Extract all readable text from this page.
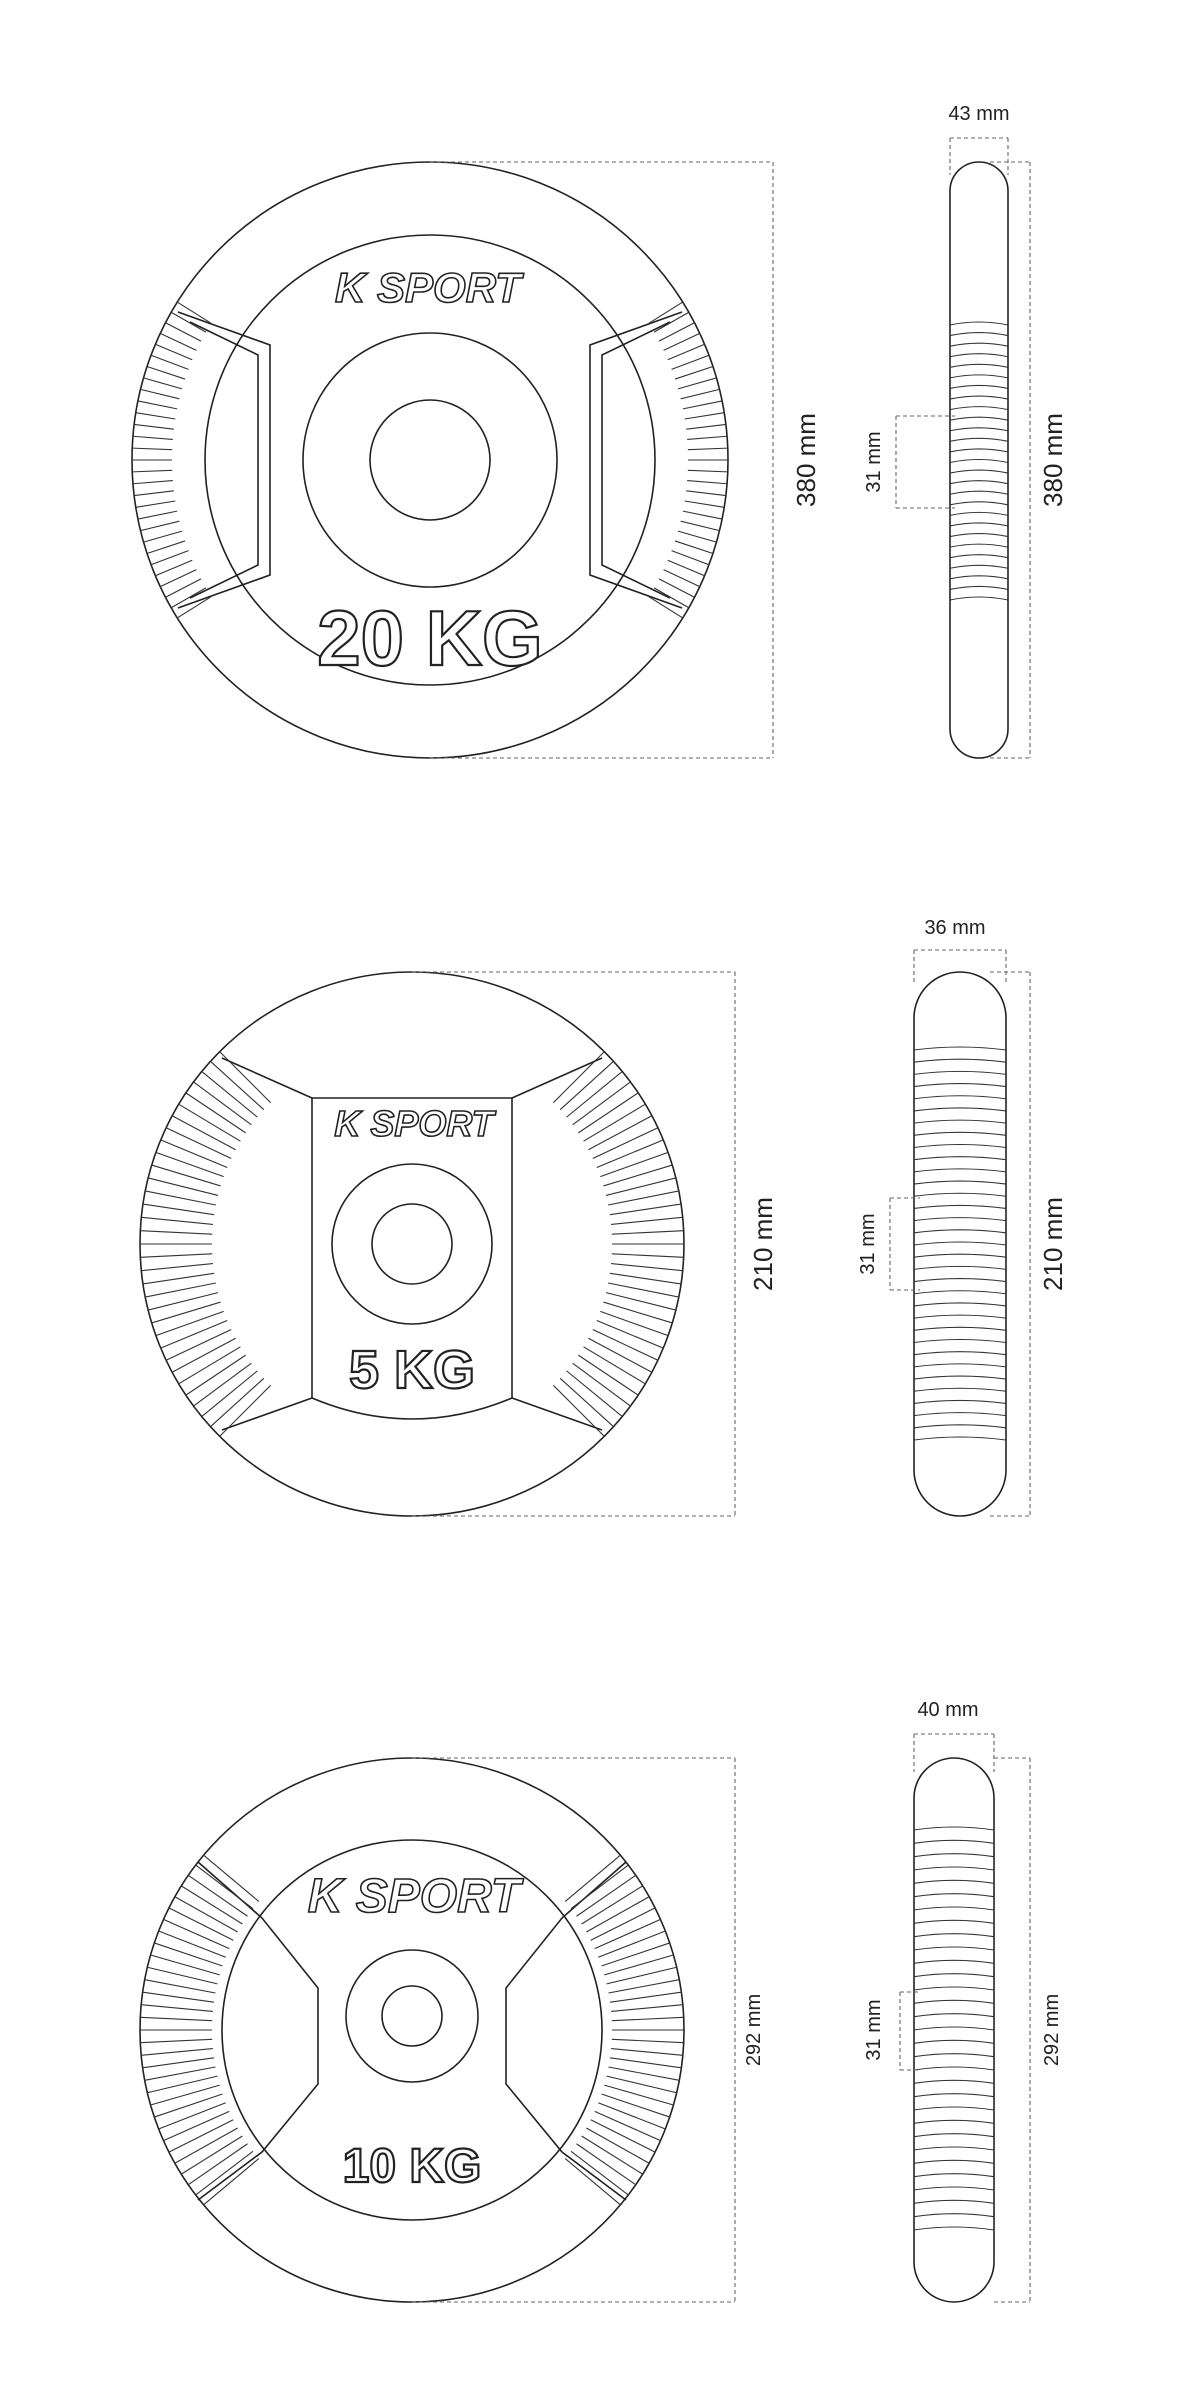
K SPORT
20 KG
380 mm
43 mm
31 mm	380 mm
K SPORT
5 KG
210 mm
36 mm
31 mm	210 mm
K SPORT
10 KG
292 mm
40 mm
31 mm	292 mm
